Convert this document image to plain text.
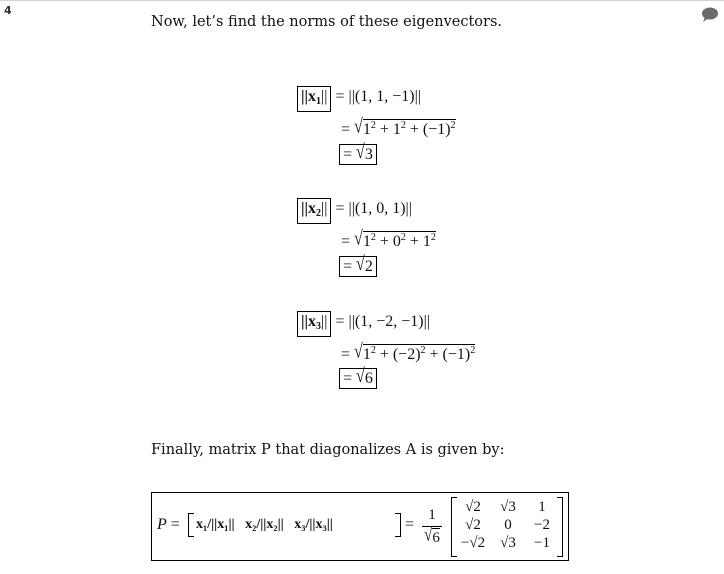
4
Now, let’s find the norms of these eigenvectors.
$||x_1|| = ||(1$, 1, −1)||
= $√1^2 + 1^2 + (-1)^2$
= √3
$||x_2|| = ||(1$, 0, 1)||
= $√1^2 + 0^2 + 1^2$
= √2
$||x_3|| = ||(1$, −2, −1)||
= $√1^2 + (-2)^2 + (-1)^2$
= √6
Finally, matrix P that diagonalizes A is given by:
P = x₁/||x₁|| x₂/||x₂|| x₃/||x₃||	=
1
√6
√2	√3	1
√2	0	−2
−√2	√3	−1
